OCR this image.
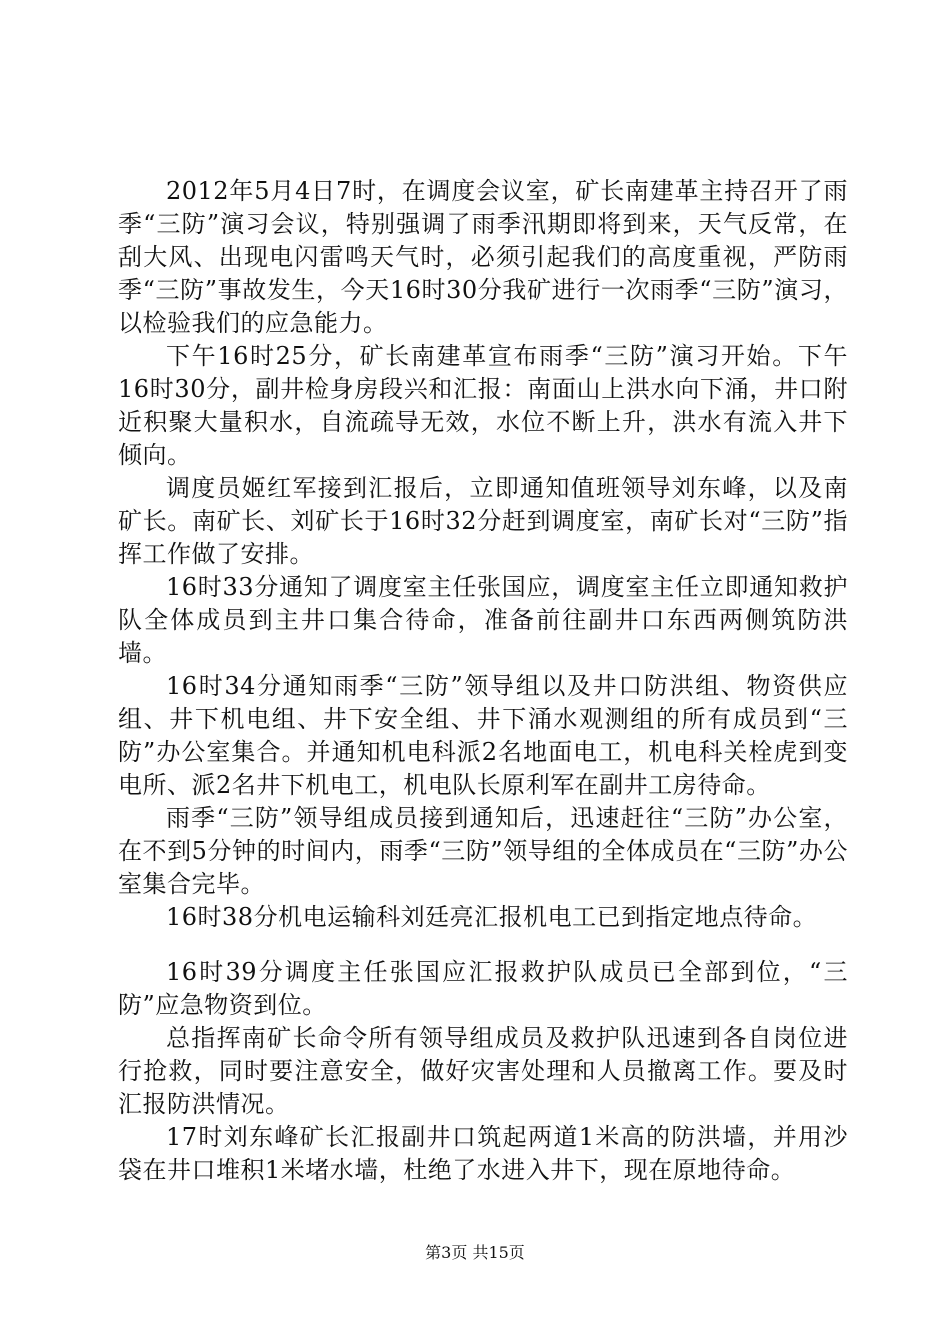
2012年5月4日7时，在调度会议室，矿长南建革主持召开了雨季“三防”演习会议，特别强调了雨季汛期即将到来，天气反常，在刮大风、出现电闪雷鸣天气时，必须引起我们的高度重视，严防雨季“三防”事故发生，今天16时30分我矿进行一次雨季“三防”演习，以检验我们的应急能力。

下午16时25分，矿长南建革宣布雨季“三防”演习开始。下午16时30分，副井检身房段兴和汇报：南面山上洪水向下涌，井口附近积聚大量积水，自流疏导无效，水位不断上升，洪水有流入井下倾向。

调度员姬红军接到汇报后，立即通知值班领导刘东峰，以及南矿长。南矿长、刘矿长于16时32分赶到调度室，南矿长对“三防”指挥工作做了安排。

16时33分通知了调度室主任张国应，调度室主任立即通知救护队全体成员到主井口集合待命，准备前往副井口东西两侧筑防洪墙。

16时34分通知雨季“三防”领导组以及井口防洪组、物资供应组、井下机电组、井下安全组、井下涌水观测组的所有成员到“三防”办公室集合。并通知机电科派2名地面电工，机电科关栓虎到变电所、派2名井下机电工，机电队长原利军在副井工房待命。

雨季“三防”领导组成员接到通知后，迅速赶往“三防”办公室，在不到5分钟的时间内，雨季“三防”领导组的全体成员在“三防”办公室集合完毕。

16时38分机电运输科刘廷亮汇报机电工已到指定地点待命。

16时39分调度主任张国应汇报救护队成员已全部到位，“三防”应急物资到位。

总指挥南矿长命令所有领导组成员及救护队迅速到各自岗位进行抢救，同时要注意安全，做好灾害处理和人员撤离工作。要及时汇报防洪情况。

17时刘东峰矿长汇报副井口筑起两道1米高的防洪墙，并用沙袋在井口堆积1米堵水墙，杜绝了水进入井下，现在原地待命。

第3页 共15页
